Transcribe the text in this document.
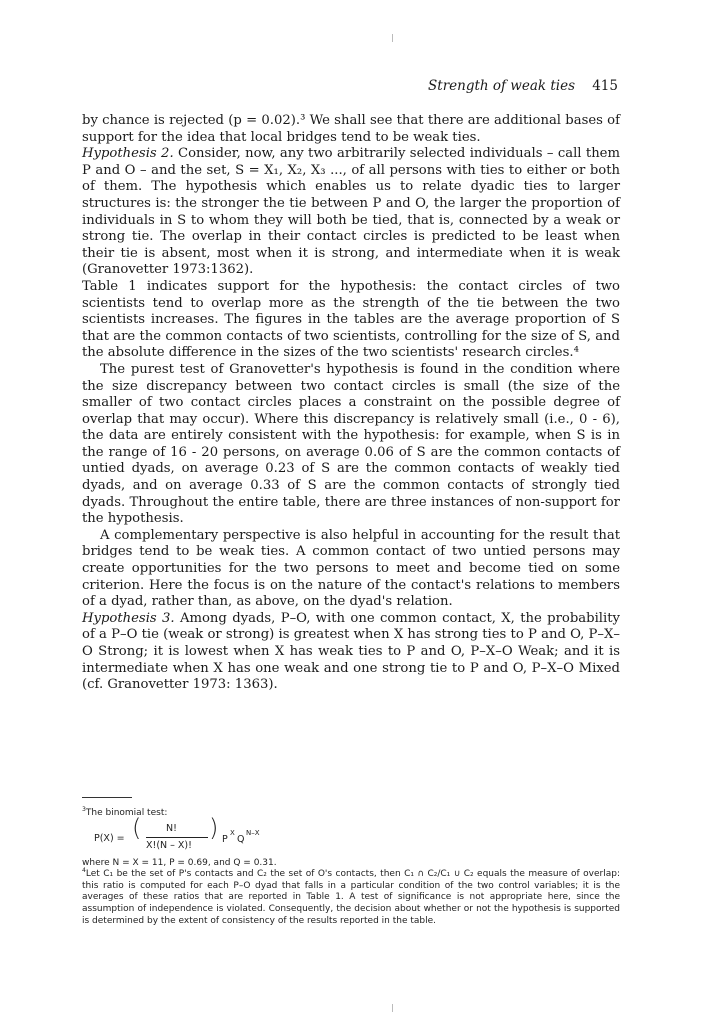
Strength of weak ties 415

by chance is rejected (p = 0.02).³ We shall see that there are additional bases of support for the idea that local bridges tend to be weak ties.

Hypothesis 2. Consider, now, any two arbitrarily selected individuals – call them P and O – and the set, S = X₁, X₂, X₃ ..., of all persons with ties to either or both of them. The hypothesis which enables us to relate dyadic ties to larger structures is: the stronger the tie between P and O, the larger the proportion of individuals in S to whom they will both be tied, that is, connected by a weak or strong tie. The overlap in their contact circles is predicted to be least when their tie is absent, most when it is strong, and intermediate when it is weak (Granovetter 1973:1362).

Table 1 indicates support for the hypothesis: the contact circles of two scientists tend to overlap more as the strength of the tie between the two scientists increases. The figures in the tables are the average proportion of S that are the common contacts of two scientists, controlling for the size of S, and the absolute difference in the sizes of the two scientists' research circles.⁴

The purest test of Granovetter's hypothesis is found in the condition where the size discrepancy between two contact circles is small (the size of the smaller of two contact circles places a constraint on the possible degree of overlap that may occur). Where this discrepancy is relatively small (i.e., 0 - 6), the data are entirely consistent with the hypothesis: for example, when S is in the range of 16 - 20 persons, on average 0.06 of S are the common contacts of untied dyads, on average 0.23 of S are the common contacts of weakly tied dyads, and on average 0.33 of S are the common contacts of strongly tied dyads. Throughout the entire table, there are three instances of non-support for the hypothesis.

A complementary perspective is also helpful in accounting for the result that bridges tend to be weak ties. A common contact of two untied persons may create opportunities for the two persons to meet and become tied on some criterion. Here the focus is on the nature of the contact's relations to members of a dyad, rather than, as above, on the dyad's relation.

Hypothesis 3. Among dyads, P–O, with one common contact, X, the probability of a P–O tie (weak or strong) is greatest when X has strong ties to P and O, P–X–O Strong; it is lowest when X has weak ties to P and O, P–X–O Weak; and it is intermediate when X has one weak and one strong tie to P and O, P–X–O Mixed (cf. Granovetter 1973: 1363).

$^3$The binomial test:

P(X) = (	N!
X!(N – X)!
) P
X
Q
N–X

where N = X = 11, P = 0.69, and Q = 0.31.

$^4$Let C₁ be the set of P's contacts and C₂ the set of O's contacts, then C₁ ∩ C₂/C₁ ∪ C₂ equals the measure of overlap: this ratio is computed for each P–O dyad that falls in a particular condition of the two control variables; it is the averages of these ratios that are reported in Table 1. A test of significance is not appropriate here, since the assumption of independence is violated. Consequently, the decision about whether or not the hypothesis is supported is determined by the extent of consistency of the results reported in the table.
